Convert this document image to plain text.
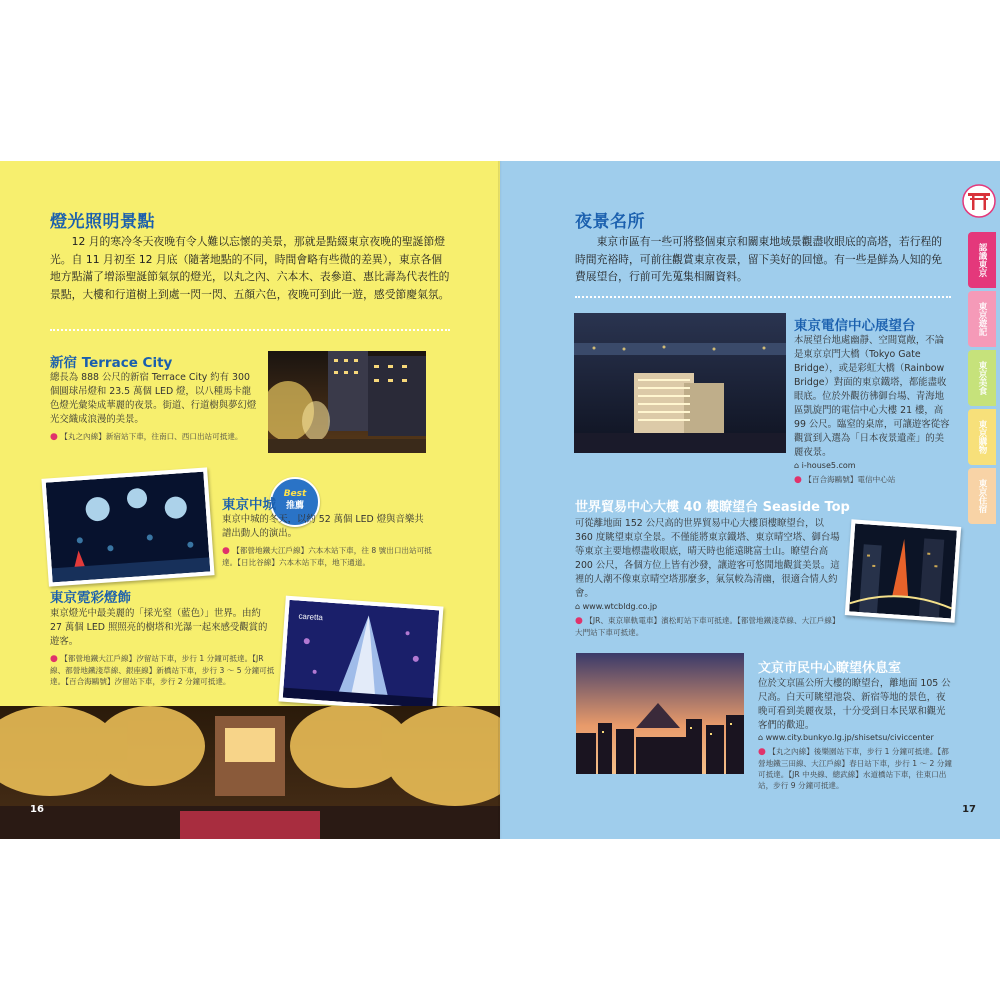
燈光照明景點
12 月的寒冷冬天夜晚有令人難以忘懷的美景，那就是點綴東京夜晚的聖誕節燈光。自 11 月初至 12 月底（隨著地點的不同，時間會略有些微的差異），東京各個地方點滿了增添聖誕節氣氛的燈光，以丸之內、六本木、表參道、惠比壽為代表性的景點，大樓和行道樹上到處一閃一閃、五顏六色，夜晚可到此一遊，感受節慶氣氛。
新宿 Terrace City
總長為 888 公尺的新宿 Terrace City 約有 300 個圓球吊燈和 23.5 萬個 LED 燈，以八種馬卡龍色燈光彙染成華麗的夜景。街道、行道樹與夢幻燈光交織成浪漫的美景。
● 【丸之內線】新宿站下車，往南口、西口出站可抵達。
Best
推薦
東京中城
東京中城的冬天，以約 52 萬個 LED 燈與音樂共譜出動人的演出。
● 【都營地鐵大江戶線】六本木站下車，往 8 號出口出站可抵達。【日比谷線】六本木站下車，地下通道。
東京霓彩燈飾
東京燈光中最美麗的「採光窒（藍色）」世界。由約 27 萬個 LED 照照亮的樹塔和光瀑一起來感受觀賞的遊客。
● 【都營地鐵大江戶線】汐留站下車，步行 1 分鐘可抵達。【JR 線、都營地鐵淺草線、銀座線】新橋站下車，步行 3 ～ 5 分鐘可抵達。【百合海鷗號】汐留站下車，步行 2 分鐘可抵達。
caretta
16
夜景名所
東京市區有一些可將整個東京和關東地域景觀盡收眼底的高塔，若行程的時間充裕時，可前往觀賞東京夜景，留下美好的回憶。有一些是鮮為人知的免費展望台，行前可先蒐集相關資料。
東京電信中心展望台
本展望台地處幽靜、空間寬敞，不論是東京京門大橋（Tokyo Gate Bridge），或是彩虹大橋（Rainbow Bridge）對面的東京鐵塔，都能盡收眼底。位於外觀彷彿御台場、青海地區凱旋門的電信中心大樓 21 樓，高 99 公尺。臨窒的桌席，可讓遊客從容觀賞到入選為「日本夜景遺產」的美麗夜景。
⌂ i-house5.com
● 【百合海鷗號】電信中心站
世界貿易中心大樓 40 樓瞭望台 Seaside Top
可從離地面 152 公尺高的世界貿易中心大樓頂樓瞭望台，以 360 度眺望東京全景。不僅能將東京鐵塔、東京晴空塔、御台場等東京主要地標盡收眼底，晴天時也能遠眺富士山。瞭望台高 200 公尺，各個方位上皆有沙發，讓遊客可悠閒地觀賞美景。這裡的人潮不像東京晴空塔那麼多，氣氛較為清幽，很適合情人約會。
⌂ www.wtcbldg.co.jp
● 【JR、東京單軌電車】濱松町站下車可抵達。【都營地鐵淺草線、大江戶線】大門站下車可抵達。
文京市民中心瞭望休息室
位於文京區公所大樓的瞭望台，離地面 105 公尺高。白天可眺望池袋、新宿等地的景色，夜晚可看到美麗夜景，十分受到日本民眾和觀光客們的歡迎。
⌂ www.city.bunkyo.lg.jp/shisetsu/civiccenter
● 【丸之內線】後樂園站下車，步行 1 分鐘可抵達。【都營地鐵三田線、大江戶線】春日站下車，步行 1 ～ 2 分鐘可抵達。【JR 中央線、總武線】水道橋站下車，往東口出站，步行 9 分鐘可抵達。
17
認識東京
東京遊記
東京美食
東京購物
東京住宿
